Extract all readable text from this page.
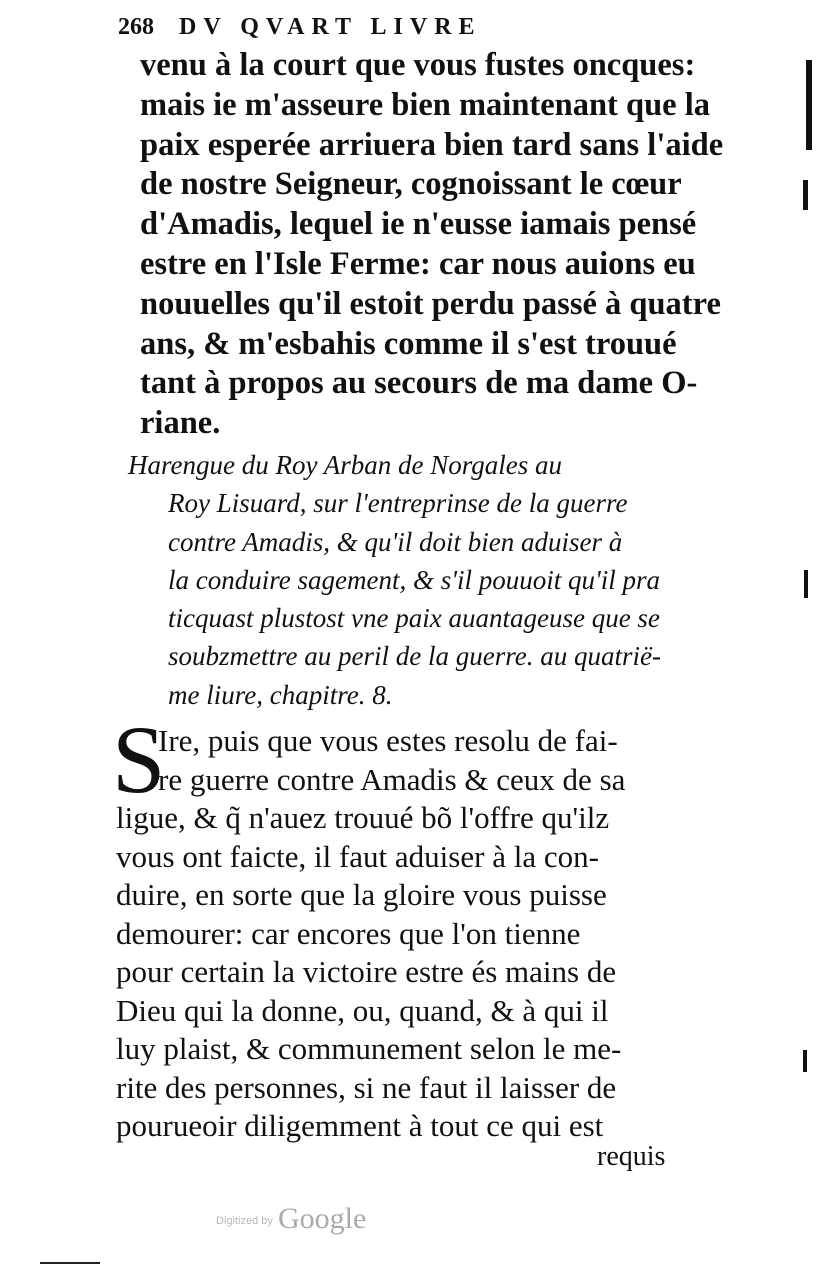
268 DV QVART LIVRE
venu à la court que vous fustes oncques:
mais ie m'asseure bien maintenant que la
paix esperée arriuera bien tard sans l'aide
de nostre Seigneur, cognoissant le cœur
d'Amadis, lequel ie n'eusse iamais pensé
estre en l'Isle Ferme: car nous auions eu
nouuelles qu'il estoit perdu passé à quatre
ans, & m'esbahis comme il s'est trouué
tant à propos au secours de ma dame O-
riane.
Harengue du Roy Arban de Norgales au
Roy Lisuard, sur l'entreprinse de la guerre
contre Amadis, & qu'il doit bien aduiser à
la conduire sagement, & s'il pouuoit qu'il pra
ticquast plustost vne paix auantageuse que se
soubzmettre au peril de la guerre. au quatrië-
me liure, chapitre. 8.
S
Ire, puis que vous estes resolu de fai-
re guerre contre Amadis & ceux de sa
ligue, & q̃ n'auez trouué bõ l'offre qu'ilz
vous ont faicte, il faut aduiser à la con-
duire, en sorte que la gloire vous puisse
demourer: car encores que l'on tienne
pour certain la victoire estre és mains de
Dieu qui la donne, ou, quand, & à qui il
luy plaist, & communement selon le me-
rite des personnes, si ne faut il laisser de
pourueoir diligemment à tout ce qui est
requis
$^{Digitized by}$ Google
